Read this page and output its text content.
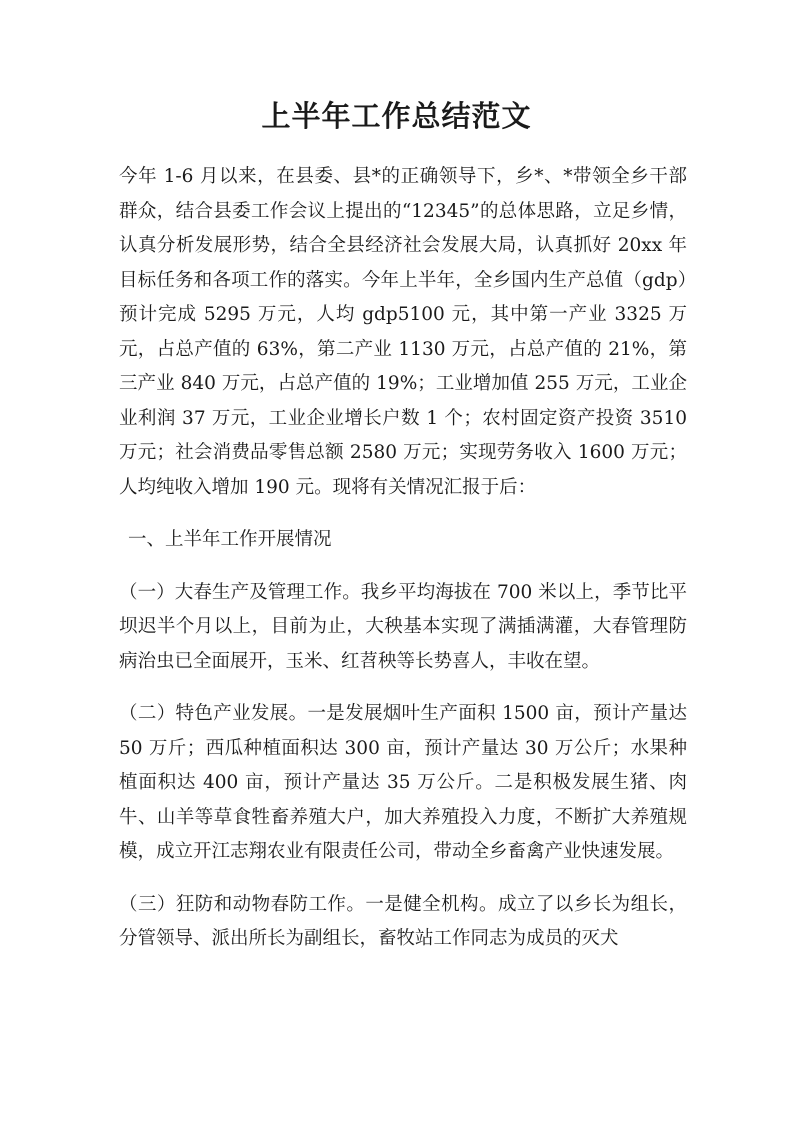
上半年工作总结范文

今年 1-6 月以来，在县委、县*的正确领导下，乡*、*带领全乡干部群众，结合县委工作会议上提出的“12345”的总体思路，立足乡情，认真分析发展形势，结合全县经济社会发展大局，认真抓好 20xx 年目标任务和各项工作的落实。今年上半年，全乡国内生产总值（gdp）预计完成 5295 万元，人均 gdp5100 元，其中第一产业 3325 万元，占总产值的 63%，第二产业 1130 万元，占总产值的 21%，第三产业 840 万元，占总产值的 19%；工业增加值 255 万元，工业企业利润 37 万元，工业企业增长户数 1 个；农村固定资产投资 3510 万元；社会消费品零售总额 2580 万元；实现劳务收入 1600 万元；人均纯收入增加 190 元。现将有关情况汇报于后：

一、上半年工作开展情况

（一）大春生产及管理工作。我乡平均海拔在 700 米以上，季节比平坝迟半个月以上，目前为止，大秧基本实现了满插满灌，大春管理防病治虫已全面展开，玉米、红苕秧等长势喜人，丰收在望。

（二）特色产业发展。一是发展烟叶生产面积 1500 亩，预计产量达 50 万斤；西瓜种植面积达 300 亩，预计产量达 30 万公斤；水果种植面积达 400 亩，预计产量达 35 万公斤。二是积极发展生猪、肉牛、山羊等草食牲畜养殖大户，加大养殖投入力度，不断扩大养殖规模，成立开江志翔农业有限责任公司，带动全乡畜禽产业快速发展。

（三）狂防和动物春防工作。一是健全机构。成立了以乡长为组长，分管领导、派出所长为副组长，畜牧站工作同志为成员的灭犬
